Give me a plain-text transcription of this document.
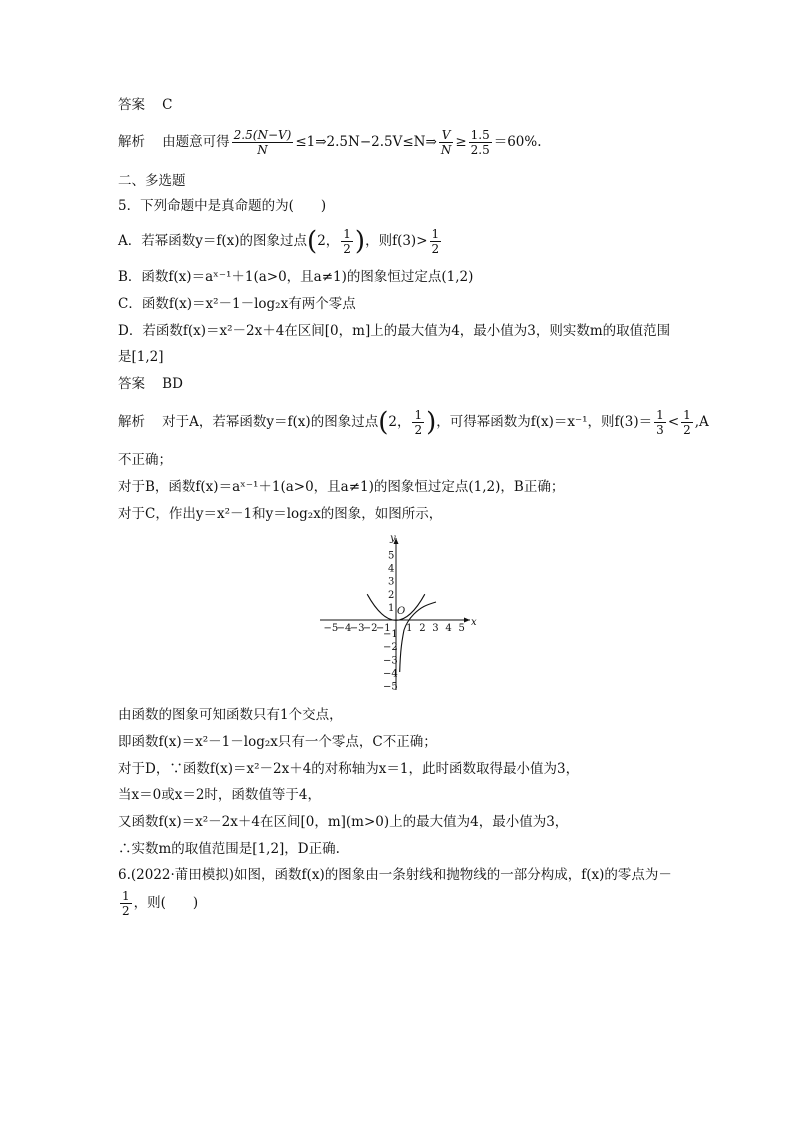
答案 C
解析 由题意可得 $\frac{2.5(N-V)}{N}$ ≤1⇒2.5N−2.5V≤N⇒ $\frac{V}{N} \ge \frac{1.5}{2.5} =60\%$.
二、多选题
5．下列命题中是真命题的为(　　)
A．若幂函数y＝f(x)的图象过点(2， $\frac{1}{2}$ )，则$f(3)> \frac{1}{2}$
B．函数f(x)＝aˣ⁻¹＋1(a>0，且a≠1)的图象恒过定点(1,2)
C．函数f(x)＝x²－1－log₂x有两个零点
D．若函数f(x)＝x²－2x＋4在区间[0，m]上的最大值为4，最小值为3，则实数m的取值范围
是[1,2]
答案 BD
解析 对于A，若幂函数y＝f(x)的图象过点(2， $\frac{1}{2}$ )，可得幂函数为f(x)＝x⁻¹，则$f(3)= \frac{1}{3} < \frac{1}{2} ,A$
不正确；
对于B，函数f(x)＝aˣ⁻¹＋1(a>0，且a≠1)的图象恒过定点(1,2)，B正确；
对于C，作出y＝x²－1和y＝log₂x的图象，如图所示，
x
y
O
−5
−4
−3
−2
−1 1 2 3 4 5
5
4
3
2
1
−1
−2
−3
−4
−5
由函数的图象可知函数只有1个交点，
即函数f(x)＝x²－1－log₂x只有一个零点，C不正确；
对于D，∵函数f(x)＝x²－2x＋4的对称轴为x＝1，此时函数取得最小值为3，
当x＝0或x＝2时，函数值等于4，
又函数f(x)＝x²－2x＋4在区间[0，m](m>0)上的最大值为4，最小值为3，
∴实数m的取值范围是[1,2]，D正确.
6.(2022·莆田模拟)如图，函数f(x)的图象由一条射线和抛物线的一部分构成，f(x)的零点为－
$\frac{1}{2}$ ，则(　　)
